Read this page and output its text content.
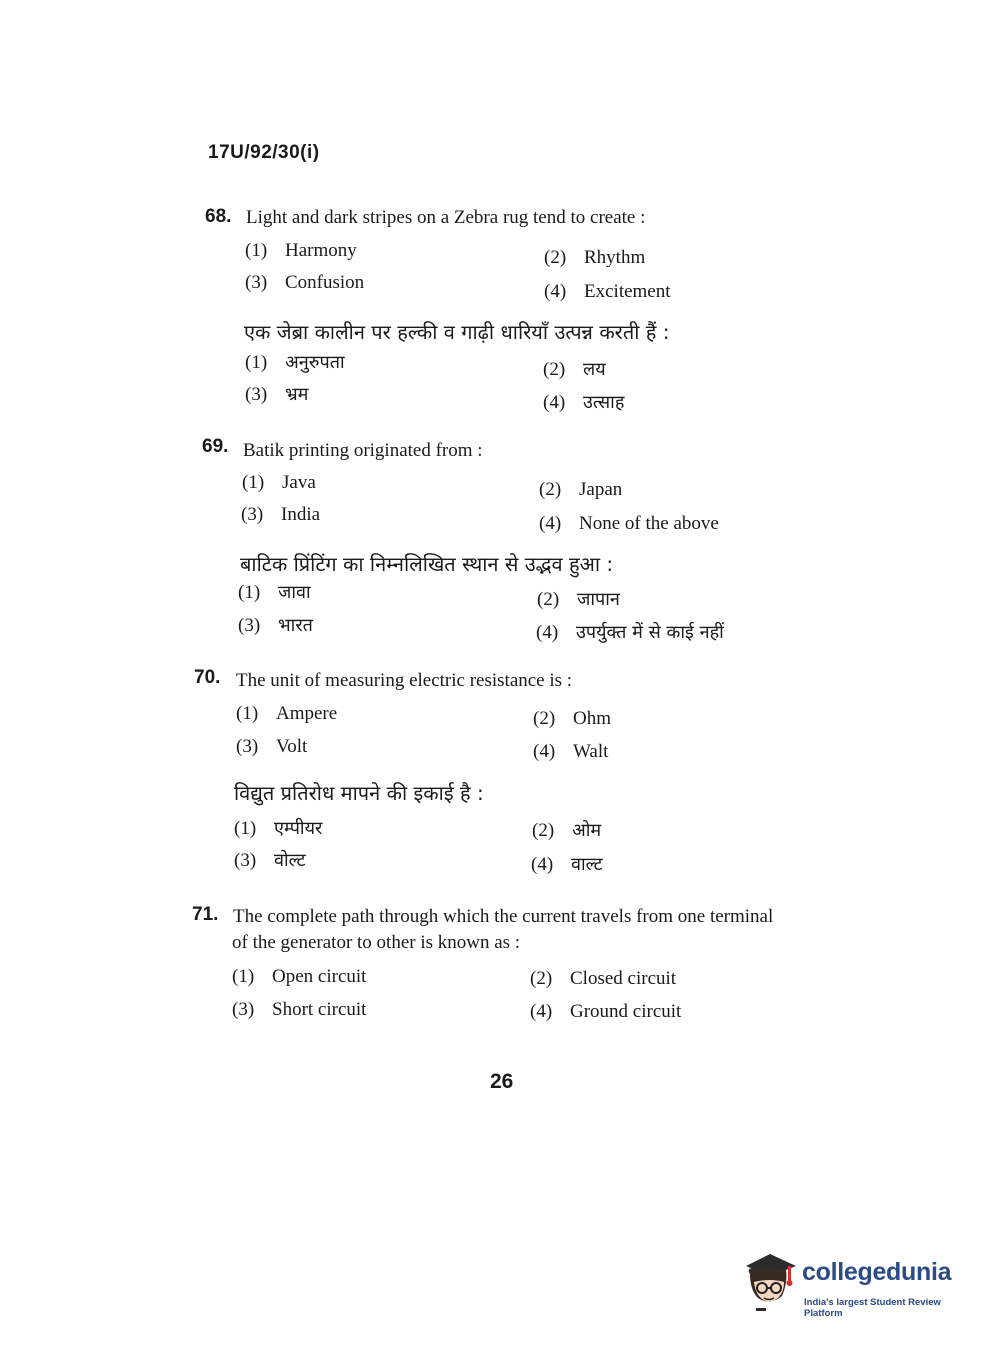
17U/92/30(i)
68. Light and dark stripes on a Zebra rug tend to create :
(1) Harmony	(2) Rhythm
(3) Confusion	(4) Excitement
एक जेब्रा कालीन पर हल्की व गाढ़ी धारियाँ उत्पन्न करती हैं :
(1) अनुरुपता	(2) लय
(3) भ्रम	(4) उत्साह
69. Batik printing originated from :
(1) Java	(2) Japan
(3) India	(4) None of the above
बाटिक प्रिंटिंग का निम्नलिखित स्थान से उद्भव हुआ :
(1) जावा	(2) जापान
(3) भारत	(4) उपर्युक्त में से काई नहीं
70. The unit of measuring electric resistance is :
(1) Ampere	(2) Ohm
(3) Volt	(4) Walt
विद्युत प्रतिरोध मापने की इकाई है :
(1) एम्पीयर	(2) ओम
(3) वोल्ट	(4) वाल्ट
71. The complete path through which the current travels from one terminal
of the generator to other is known as :
(1) Open circuit	(2) Closed circuit
(3) Short circuit	(4) Ground circuit
26
collegedunia
India's largest Student Review Platform
